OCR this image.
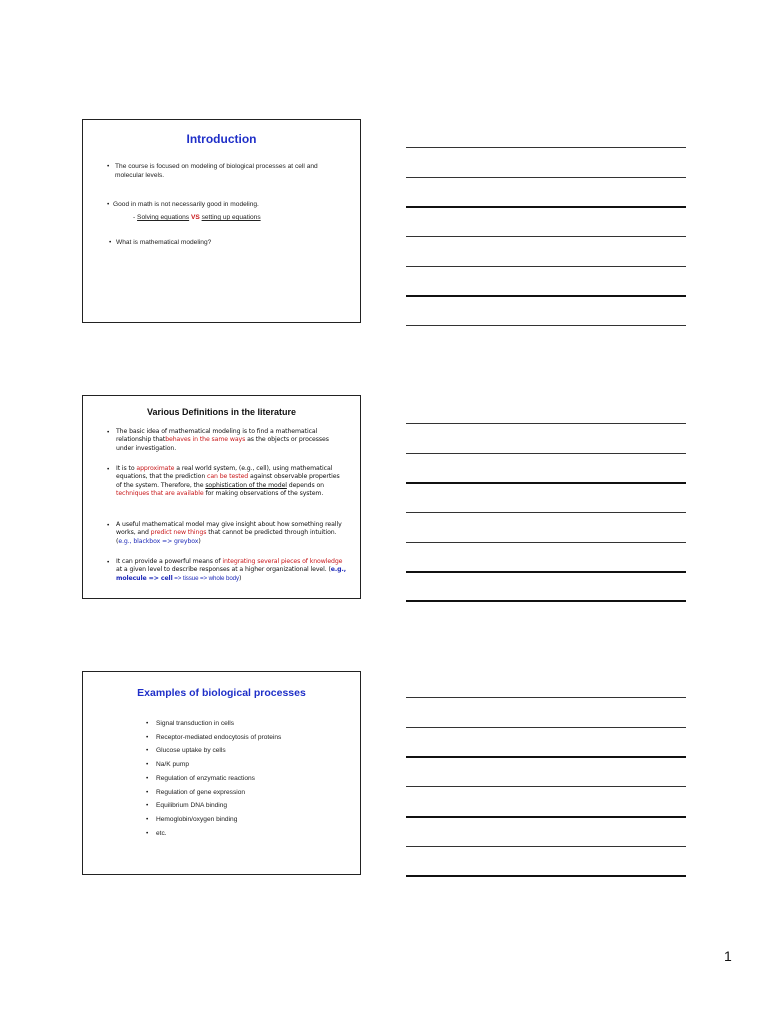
Introduction
• The course is focused on modeling of biological processes at cell and molecular levels.
• Good in math is not necessarily good in modeling.
- Solving equations VS setting up equations
• What is mathematical modeling?
Various Definitions in the literature
•	The basic idea of mathematical modeling is to find a mathematical relationship thatbehaves in the same ways as the objects or processes under investigation.
•	It is to approximate a real world system, (e.g., cell), using mathematical equations, that the prediction can be tested against observable properties of the system. Therefore, the sophistication of the model depends on techniques that are available for making observations of the system.
•	A useful mathematical model may give insight about how something really works, and predict new things that cannot be predicted through intuition. (e.g., blackbox => greybox)
•	It can provide a powerful means of integrating several pieces of knowledge at a given level to describe responses at a higher organizational level. (e.g., molecule => cell => tissue => whole body)
Examples of biological processes
•	Signal transduction in cells
•	Receptor-mediated endocytosis of proteins
•	Glucose uptake by cells
•	Na/K pump
•	Regulation of enzymatic reactions
•	Regulation of gene expression
•	Equilibrium DNA binding
•	Hemoglobin/oxygen binding
•	etc.
1
